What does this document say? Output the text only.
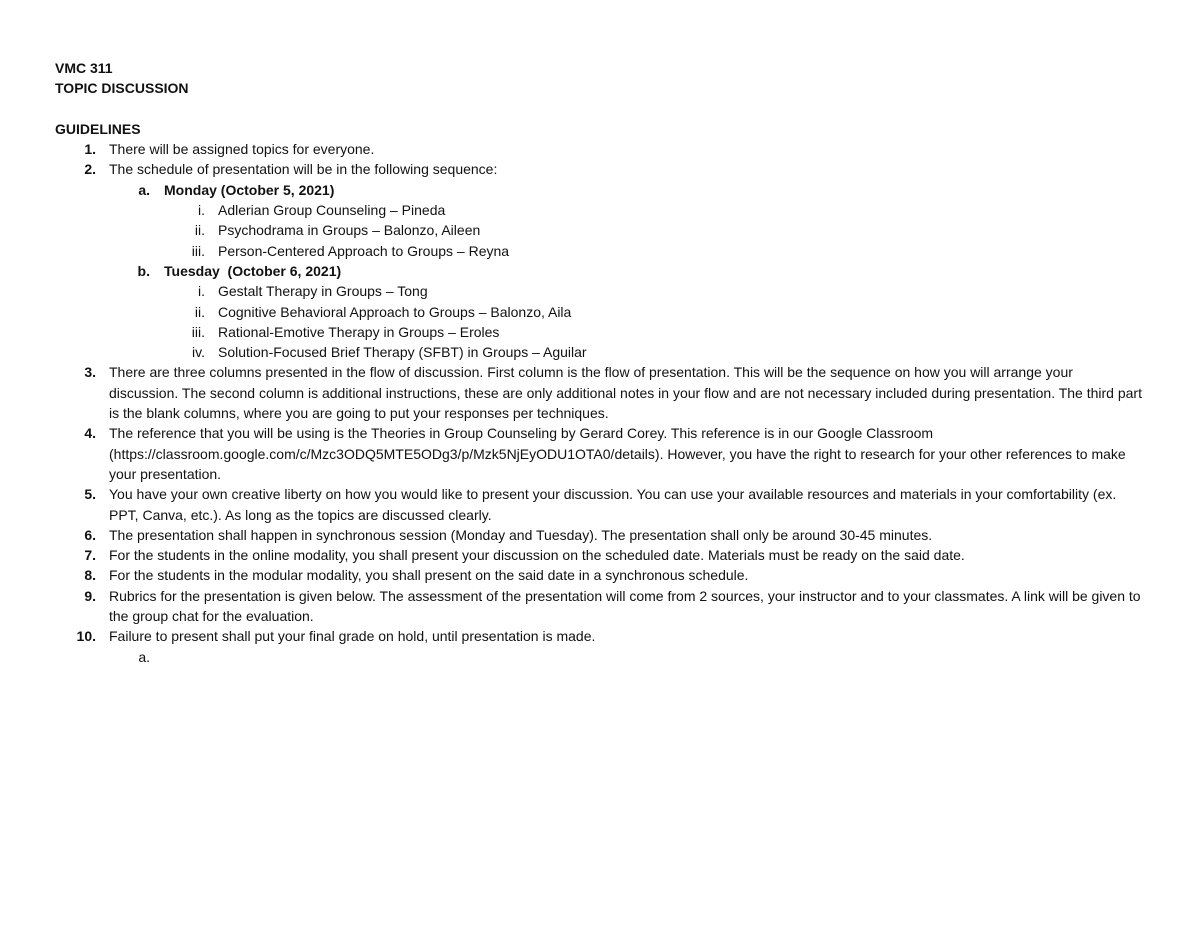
VMC 311
TOPIC DISCUSSION
GUIDELINES
1. There will be assigned topics for everyone.
2. The schedule of presentation will be in the following sequence:
a. Monday (October 5, 2021)
i. Adlerian Group Counseling – Pineda
ii. Psychodrama in Groups – Balonzo, Aileen
iii. Person-Centered Approach to Groups – Reyna
b. Tuesday  (October 6, 2021)
i. Gestalt Therapy in Groups – Tong
ii. Cognitive Behavioral Approach to Groups – Balonzo, Aila
iii. Rational-Emotive Therapy in Groups – Eroles
iv. Solution-Focused Brief Therapy (SFBT) in Groups – Aguilar
3. There are three columns presented in the flow of discussion. First column is the flow of presentation. This will be the sequence on how you will arrange your discussion. The second column is additional instructions, these are only additional notes in your flow and are not necessary included during presentation. The third part is the blank columns, where you are going to put your responses per techniques.
4. The reference that you will be using is the Theories in Group Counseling by Gerard Corey. This reference is in our Google Classroom (https://classroom.google.com/c/Mzc3ODQ5MTE5ODg3/p/Mzk5NjEyODU1OTA0/details). However, you have the right to research for your other references to make your presentation.
5. You have your own creative liberty on how you would like to present your discussion. You can use your available resources and materials in your comfortability (ex. PPT, Canva, etc.). As long as the topics are discussed clearly.
6. The presentation shall happen in synchronous session (Monday and Tuesday). The presentation shall only be around 30-45 minutes.
7. For the students in the online modality, you shall present your discussion on the scheduled date. Materials must be ready on the said date.
8. For the students in the modular modality, you shall present on the said date in a synchronous schedule.
9. Rubrics for the presentation is given below. The assessment of the presentation will come from 2 sources, your instructor and to your classmates. A link will be given to the group chat for the evaluation.
10. Failure to present shall put your final grade on hold, until presentation is made.
a.
